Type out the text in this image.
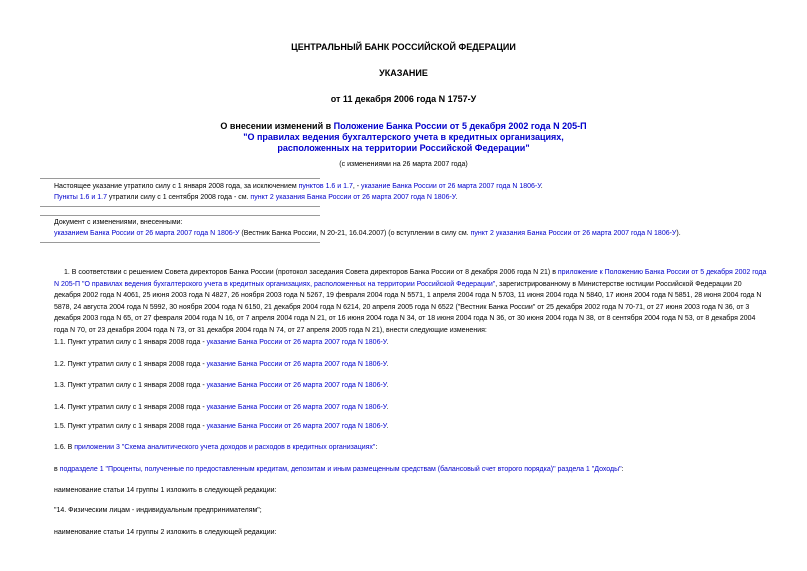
ЦЕНТРАЛЬНЫЙ БАНК РОССИЙСКОЙ ФЕДЕРАЦИИ
УКАЗАНИЕ
от 11 декабря 2006 года N 1757-У
О внесении изменений в Положение Банка России от 5 декабря 2002 года N 205-П
"О правилах ведения бухгалтерского учета в кредитных организациях,
расположенных на территории Российской Федерации"
(с изменениями на 26 марта 2007 года)
Настоящее указание утратило силу с 1 января 2008 года, за исключением пунктов 1.6 и 1.7, - указание Банка России от 26 марта 2007 года N 1806-У.
Пункты 1.6 и 1.7 утратили силу с 1 сентября 2008 года - см. пункт 2 указания Банка России от 26 марта 2007 года N 1806-У.
Документ с изменениями, внесенными:
указанием Банка России от 26 марта 2007 года N 1806-У (Вестник Банка России, N 20-21, 16.04.2007) (о вступлении в силу см. пункт 2 указания Банка России от 26 марта 2007 года N 1806-У).
1. В соответствии с решением Совета директоров Банка России (протокол заседания Совета директоров Банка России от 8 декабря 2006 года N 21) в приложение к Положению Банка России от 5 декабря 2002 года N 205-П "О правилах ведения бухгалтерского учета в кредитных организациях, расположенных на территории Российской Федерации", зарегистрированному в Министерстве юстиции Российской Федерации 20 декабря 2002 года N 4061, 25 июня 2003 года N 4827, 26 ноября 2003 года N 5267, 19 февраля 2004 года N 5571, 1 апреля 2004 года N 5703, 11 июня 2004 года N 5840, 17 июня 2004 года N 5851, 28 июня 2004 года N 5878, 24 августа 2004 года N 5992, 30 ноября 2004 года N 6150, 21 декабря 2004 года N 6214, 20 апреля 2005 года N 6522 ("Вестник Банка России" от 25 декабря 2002 года N 70-71, от 27 июня 2003 года N 36, от 3 декабря 2003 года N 65, от 27 февраля 2004 года N 16, от 7 апреля 2004 года N 21, от 16 июня 2004 года N 34, от 18 июня 2004 года N 36, от 30 июня 2004 года N 38, от 8 сентября 2004 года N 53, от 8 декабря 2004 года N 70, от 23 декабря 2004 года N 73, от 31 декабря 2004 года N 74, от 27 апреля 2005 года N 21), внести следующие изменения:
1.1. Пункт утратил силу с 1 января 2008 года - указание Банка России от 26 марта 2007 года N 1806-У.
1.2. Пункт утратил силу с 1 января 2008 года - указание Банка России от 26 марта 2007 года N 1806-У.
1.3. Пункт утратил силу с 1 января 2008 года - указание Банка России от 26 марта 2007 года N 1806-У.
1.4. Пункт утратил силу с 1 января 2008 года - указание Банка России от 26 марта 2007 года N 1806-У.
1.5. Пункт утратил силу с 1 января 2008 года - указание Банка России от 26 марта 2007 года N 1806-У.
1.6. В приложении 3 "Схема аналитического учета доходов и расходов в кредитных организациях":
в подразделе 1 "Проценты, полученные по предоставленным кредитам, депозитам и иным размещенным средствам (балансовый счет второго порядка)" раздела 1 "Доходы":
наименование статьи 14 группы 1 изложить в следующей редакции:
"14. Физическим лицам - индивидуальным предпринимателям";
наименование статьи 14 группы 2 изложить в следующей редакции:
